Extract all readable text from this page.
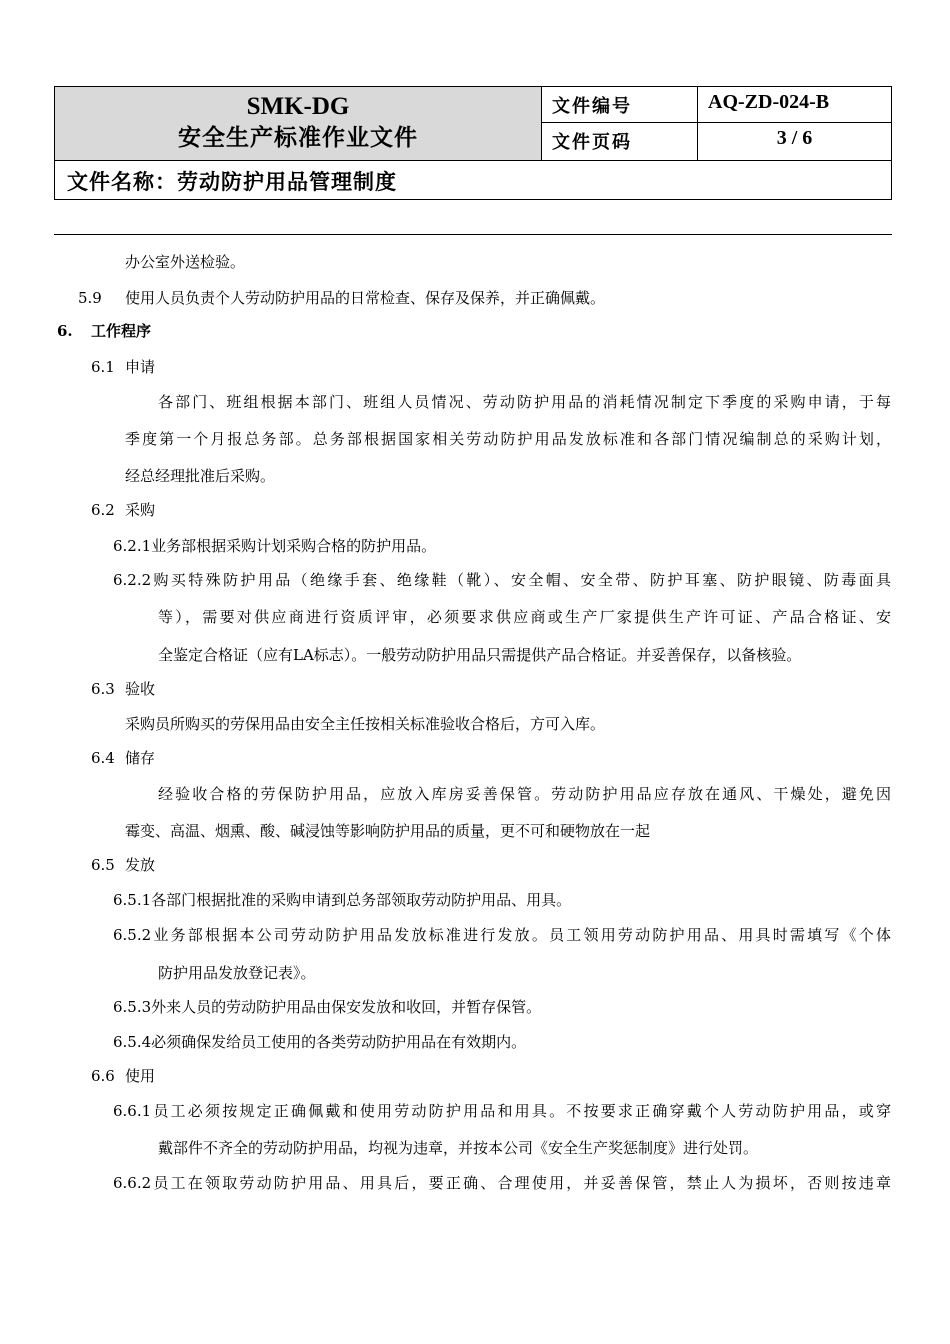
SMK-DG
安全生产标准作业文件
文件编号	AQ-ZD-024-B
文件页码	3 / 6
文件名称：劳动防护用品管理制度
办公室外送检验。
5.9 使用人员负责个人劳动防护用品的日常检查、保存及保养，并正确佩戴。
6. 工作程序
6.1 申请
各部门、班组根据本部门、班组人员情况、劳动防护用品的消耗情况制定下季度的采购申请，于每
季度第一个月报总务部。总务部根据国家相关劳动防护用品发放标准和各部门情况编制总的采购计划，
经总经理批准后采购。
6.2 采购
6.2.1业务部根据采购计划采购合格的防护用品。
6.2.2购买特殊防护用品（绝缘手套、绝缘鞋（靴）、安全帽、安全带、防护耳塞、防护眼镜、防毒面具
等），需要对供应商进行资质评审，必须要求供应商或生产厂家提供生产许可证、产品合格证、安
全鉴定合格证（应有LA标志）。一般劳动防护用品只需提供产品合格证。并妥善保存，以备核验。
6.3 验收
采购员所购买的劳保用品由安全主任按相关标准验收合格后，方可入库。
6.4 储存
经验收合格的劳保防护用品，应放入库房妥善保管。劳动防护用品应存放在通风、干燥处，避免因
霉变、高温、烟熏、酸、碱浸蚀等影响防护用品的质量，更不可和硬物放在一起
6.5 发放
6.5.1各部门根据批准的采购申请到总务部领取劳动防护用品、用具。
6.5.2业务部根据本公司劳动防护用品发放标准进行发放。员工领用劳动防护用品、用具时需填写《个体
防护用品发放登记表》。
6.5.3外来人员的劳动防护用品由保安发放和收回，并暂存保管。
6.5.4必须确保发给员工使用的各类劳动防护用品在有效期内。
6.6 使用
6.6.1员工必须按规定正确佩戴和使用劳动防护用品和用具。不按要求正确穿戴个人劳动防护用品，或穿
戴部件不齐全的劳动防护用品，均视为违章，并按本公司《安全生产奖惩制度》进行处罚。
6.6.2员工在领取劳动防护用品、用具后，要正确、合理使用，并妥善保管，禁止人为损坏，否则按违章
